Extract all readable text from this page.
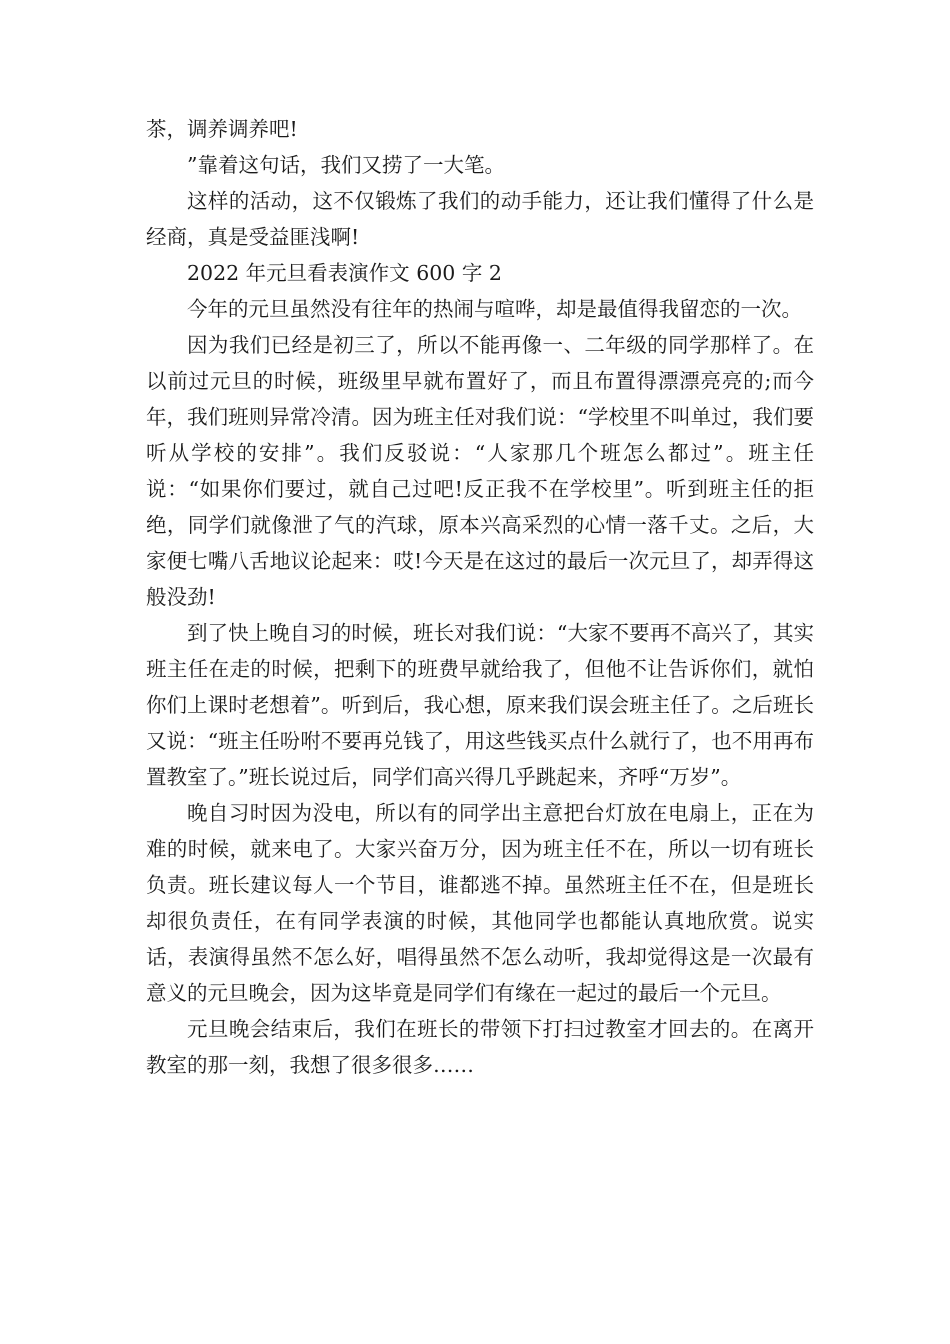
茶，调养调养吧!

”靠着这句话，我们又捞了一大笔。

这样的活动，这不仅锻炼了我们的动手能力，还让我们懂得了什么是经商，真是受益匪浅啊!

2022 年元旦看表演作文 600 字 2

今年的元旦虽然没有往年的热闹与喧哗，却是最值得我留恋的一次。

因为我们已经是初三了，所以不能再像一、二年级的同学那样了。在以前过元旦的时候，班级里早就布置好了，而且布置得漂漂亮亮的;而今年，我们班则异常冷清。因为班主任对我们说：“学校里不叫单过，我们要听从学校的安排”。我们反驳说：“人家那几个班怎么都过”。班主任说：“如果你们要过，就自己过吧!反正我不在学校里”。听到班主任的拒绝，同学们就像泄了气的汽球，原本兴高采烈的心情一落千丈。之后，大家便七嘴八舌地议论起来：哎!今天是在这过的最后一次元旦了，却弄得这般没劲!

到了快上晚自习的时候，班长对我们说：“大家不要再不高兴了，其实班主任在走的时候，把剩下的班费早就给我了，但他不让告诉你们，就怕你们上课时老想着”。听到后，我心想，原来我们误会班主任了。之后班长又说：“班主任吩咐不要再兑钱了，用这些钱买点什么就行了，也不用再布置教室了。”班长说过后，同学们高兴得几乎跳起来，齐呼“万岁”。

晚自习时因为没电，所以有的同学出主意把台灯放在电扇上，正在为难的时候，就来电了。大家兴奋万分，因为班主任不在，所以一切有班长负责。班长建议每人一个节目，谁都逃不掉。虽然班主任不在，但是班长却很负责任，在有同学表演的时候，其他同学也都能认真地欣赏。说实话，表演得虽然不怎么好，唱得虽然不怎么动听，我却觉得这是一次最有意义的元旦晚会，因为这毕竟是同学们有缘在一起过的最后一个元旦。

元旦晚会结束后，我们在班长的带领下打扫过教室才回去的。在离开教室的那一刻，我想了很多很多……
